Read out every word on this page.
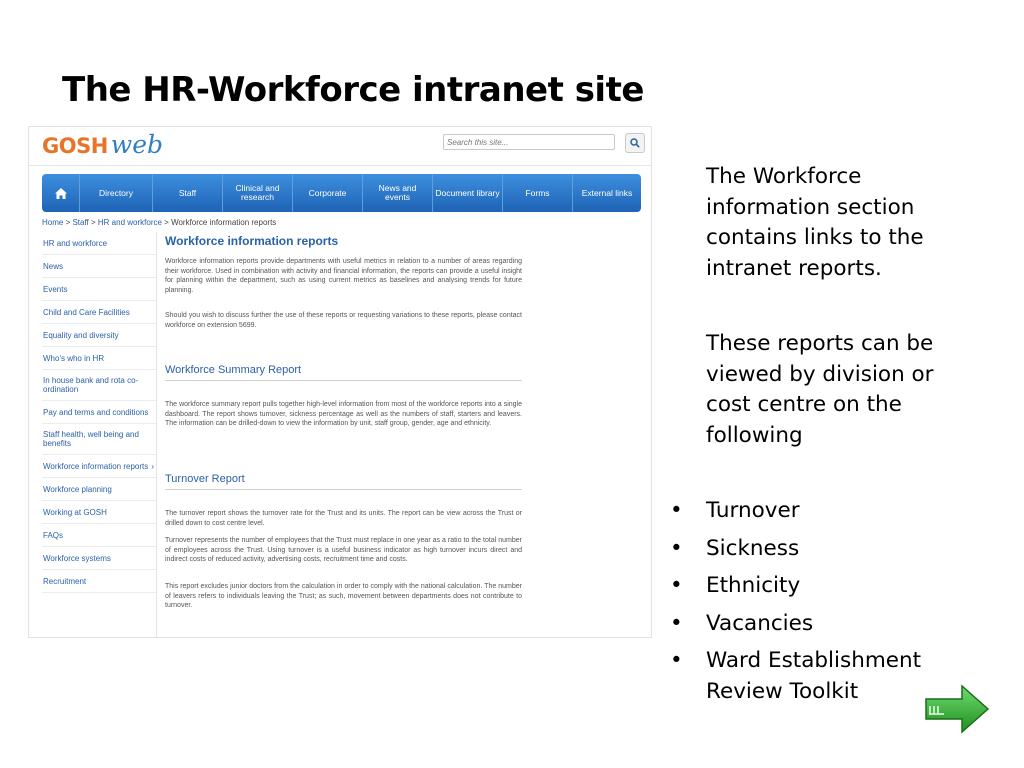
The HR-Workforce intranet site
GOSH web	Search this site...
Directory	Staff	Clinical and research	Corporate	News and events	Document library	Forms	External links
Home > Staff > HR and workforce > Workforce information reports
HR and workforce
News
Events
Child and Care Facilities
Equality and diversity
Who's who in HR
In house bank and rota co-ordination
Pay and terms and conditions
Staff health, well being and benefits
Workforce information reports ›
Workforce planning
Working at GOSH
FAQs
Workforce systems
Recruitment
Workforce information reports

Workforce information reports provide departments with useful metrics in relation to a number of areas regarding their workforce. Used in combination with activity and financial information, the reports can provide a useful insight for planning within the department, such as using current metrics as baselines and analysing trends for future planning.

Should you wish to discuss further the use of these reports or requesting variations to these reports, please contact workforce on extension 5699.

Workforce Summary Report

The workforce summary report pulls together high-level information from most of the workforce reports into a single dashboard. The report shows turnover, sickness percentage as well as the numbers of staff, starters and leavers. The information can be drilled-down to view the information by unit, staff group, gender, age and ethnicity.

Turnover Report

The turnover report shows the turnover rate for the Trust and its units. The report can be view across the Trust or drilled down to cost centre level.

Turnover represents the number of employees that the Trust must replace in one year as a ratio to the total number of employees across the Trust. Using turnover is a useful business indicator as high turnover incurs direct and indirect costs of reduced activity, advertising costs, recruitment time and costs.

This report excludes junior doctors from the calculation in order to comply with the national calculation. The number of leavers refers to individuals leaving the Trust; as such, movement between departments does not contribute to turnover.

The Workforce information section contains links to the intranet reports.

These reports can be viewed by division or cost centre on the following

• Turnover
• Sickness
• Ethnicity
• Vacancies
• Ward Establishment Review Toolkit
